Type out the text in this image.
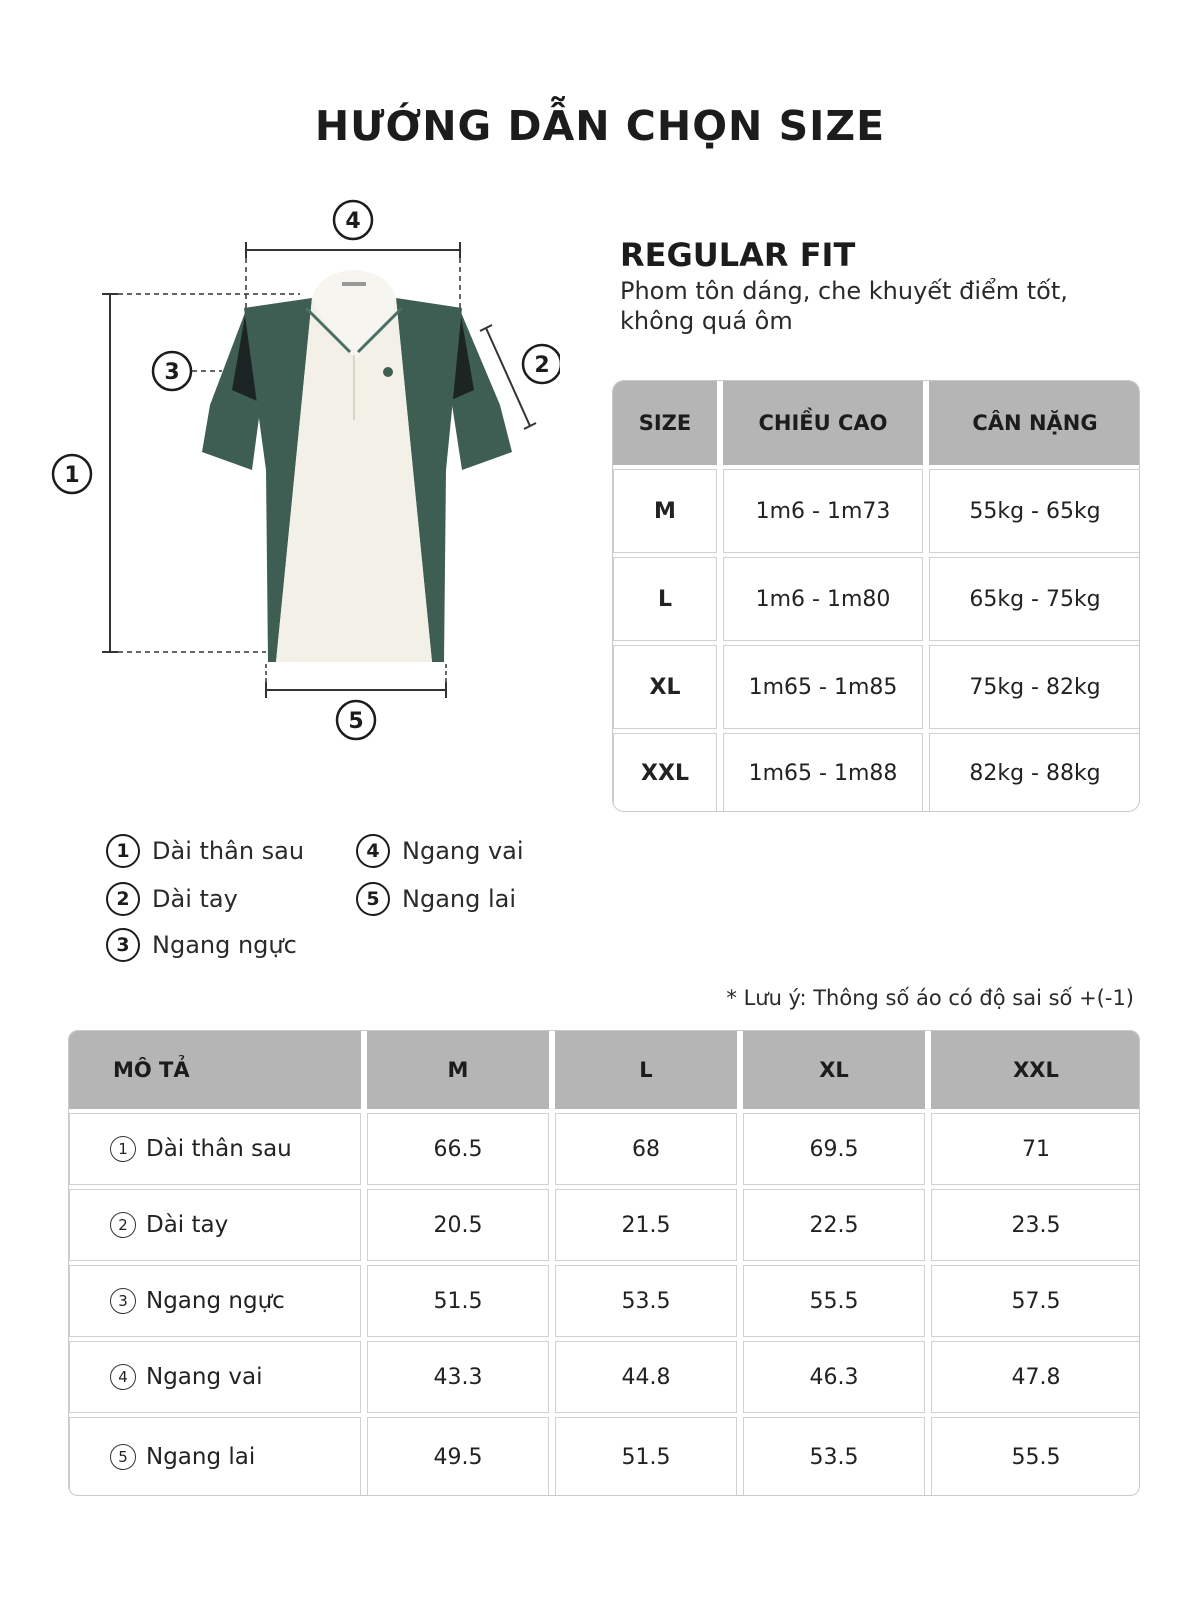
HƯỚNG DẪN CHỌN SIZE
4
1
3	2
5
REGULAR FIT
Phom tôn dáng, che khuyết điểm tốt, không quá ôm
SIZE	CHIỀU CAO	CÂN NẶNG
M	1m6 - 1m73	55kg - 65kg
L	1m6 - 1m80	65kg - 75kg
XL	1m65 - 1m85	75kg - 82kg
XXL	1m65 - 1m88	82kg - 88kg
1 Dài thân sau	4 Ngang vai
2 Dài tay	5 Ngang lai
3 Ngang ngực
* Lưu ý: Thông số áo có độ sai số +(-1)
MÔ TẢ	M	L	XL	XXL
1 Dài thân sau	66.5	68	69.5	71
2 Dài tay	20.5	21.5	22.5	23.5
3 Ngang ngực	51.5	53.5	55.5	57.5
4 Ngang vai	43.3	44.8	46.3	47.8
5 Ngang lai	49.5	51.5	53.5	55.5
